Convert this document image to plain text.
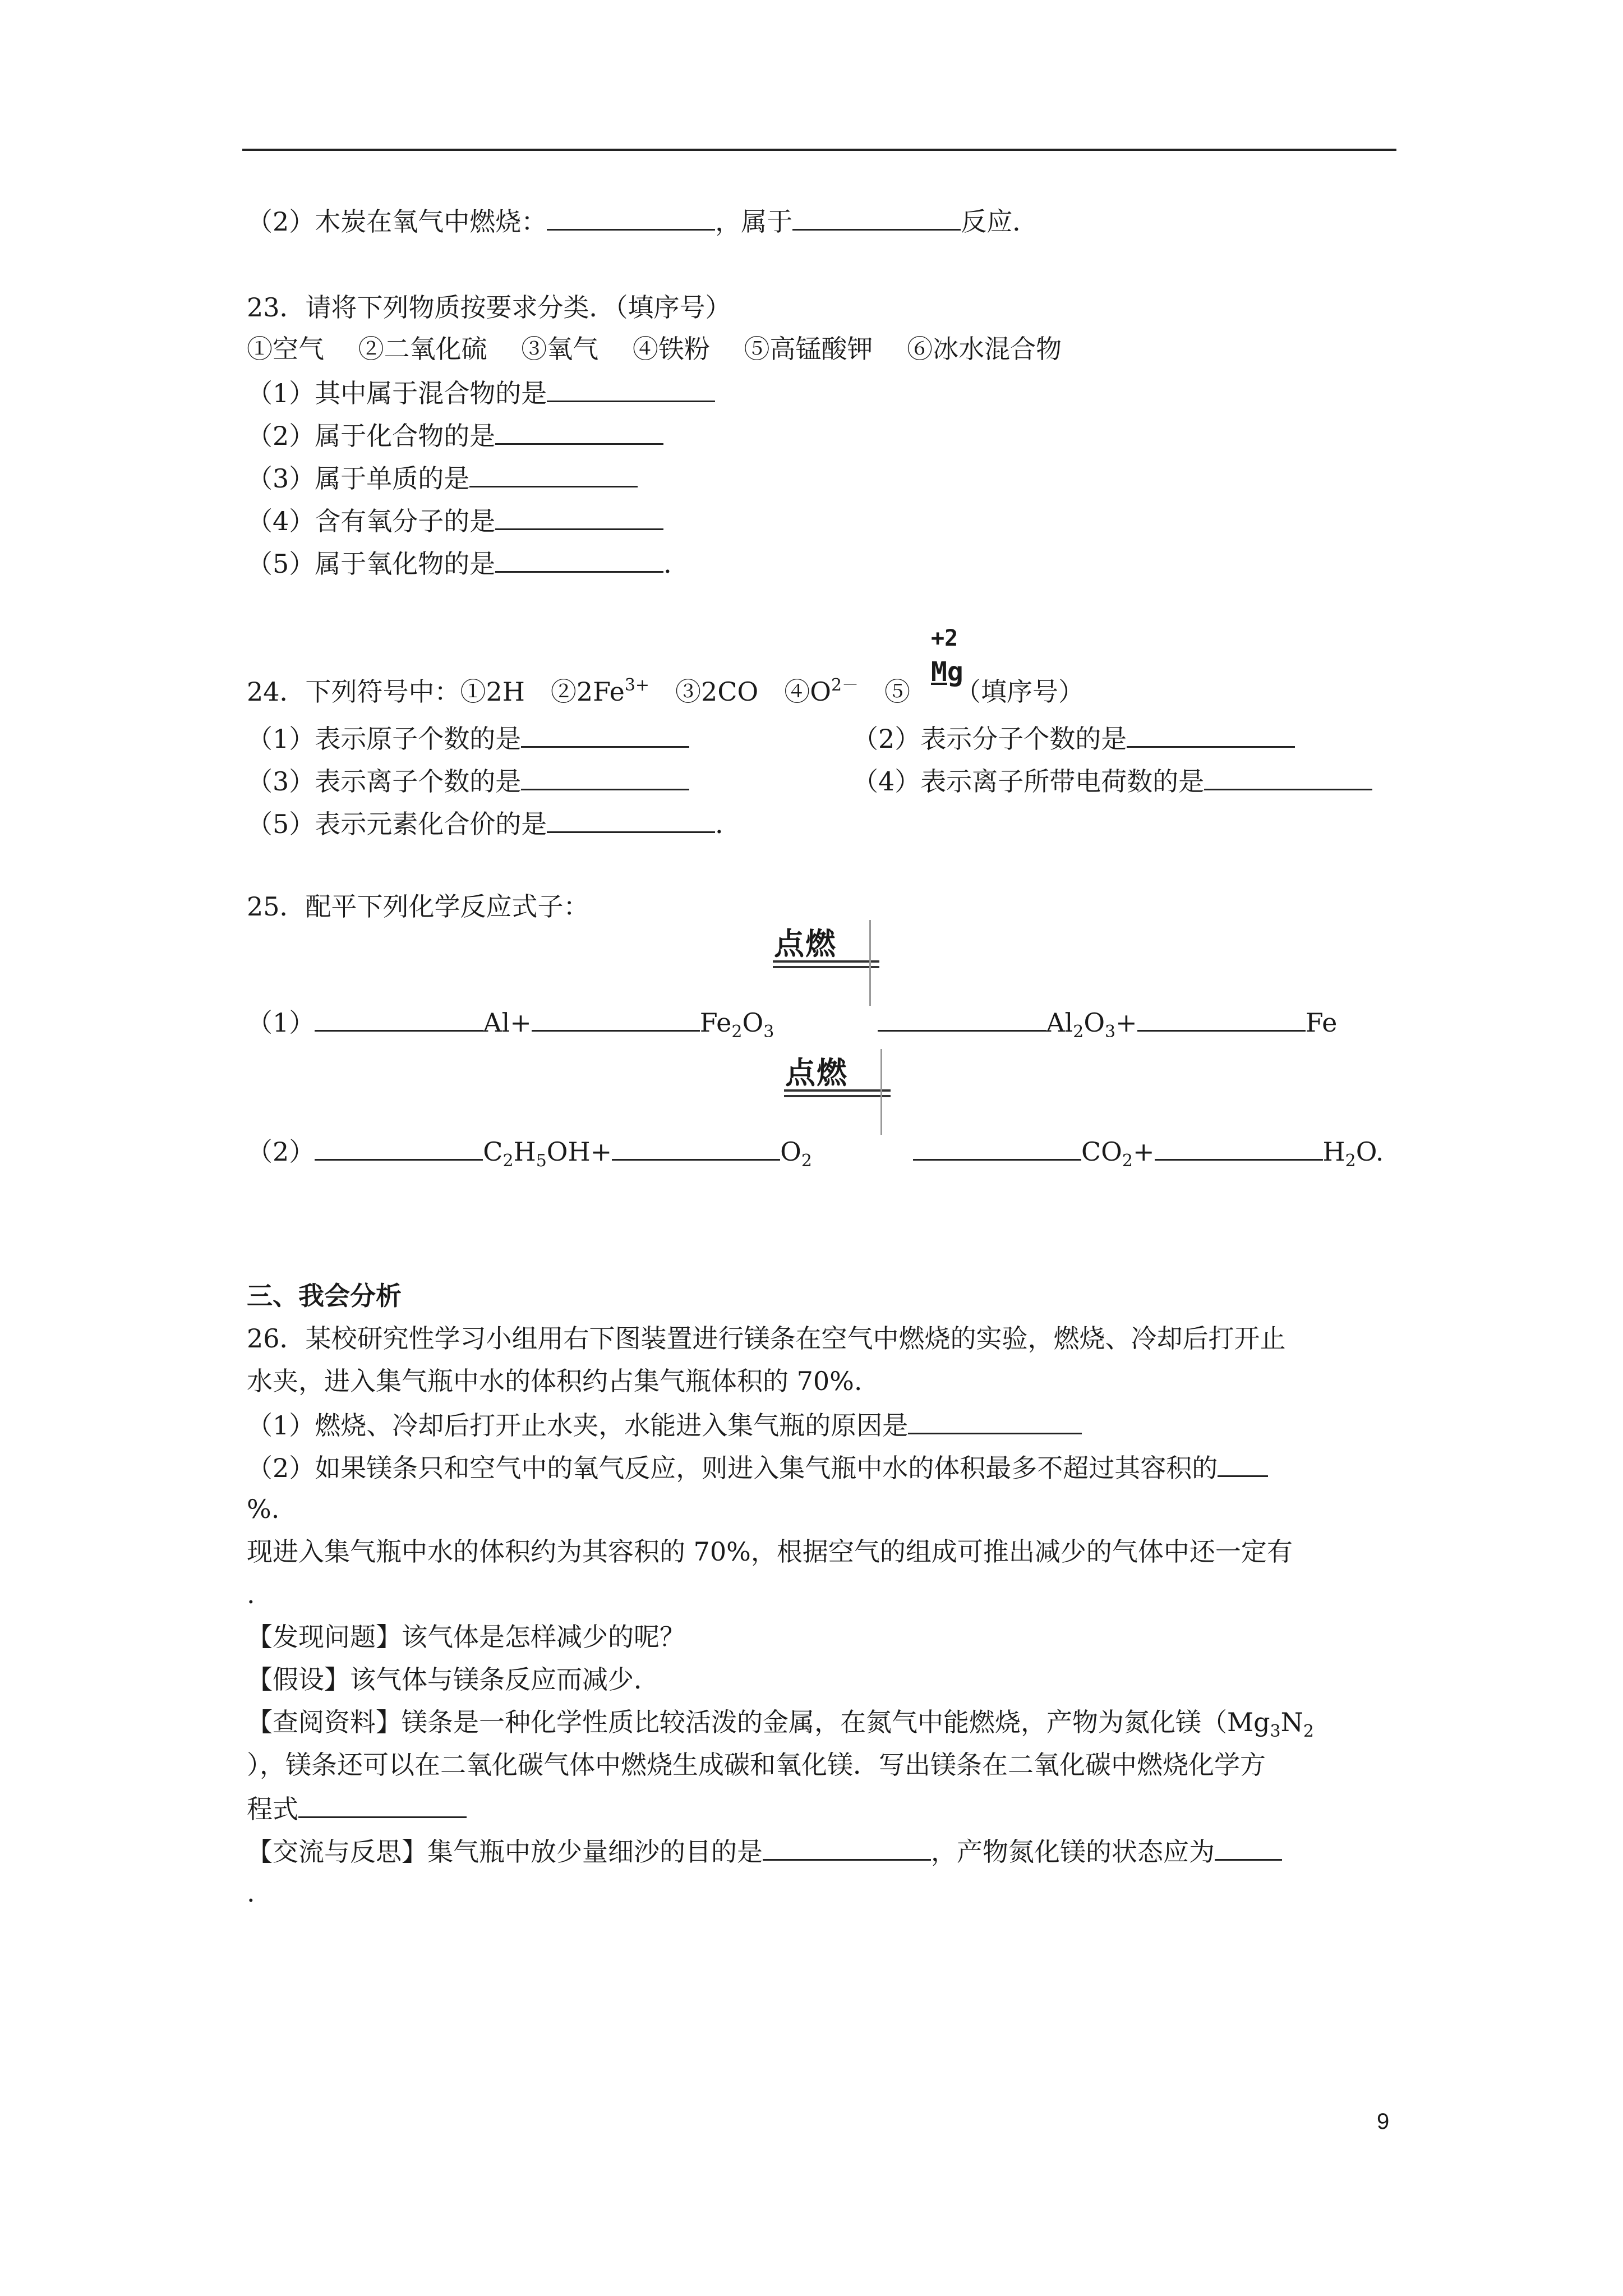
（2）木炭在氧气中燃烧：	，属于	反应．
23．请将下列物质按要求分类．（填序号）
①空气　 ②二氧化硫　 ③氧气　 ④铁粉　 ⑤高锰酸钾　 ⑥冰水混合物
（1）其中属于混合物的是
（2）属于化合物的是
（3）属于单质的是
（4）含有氧分子的是
（5）属于氧化物的是	．
24．下列符号中：①2H　$②2Fe^{3+}$　③2CO　$④O^{2-}$　⑤ （填序号）
+2
Mg
（1）表示原子个数的是	（2）表示分子个数的是
（3）表示离子个数的是	（4）表示离子所带电荷数的是
（5）表示元素化合价的是	．
25．配平下列化学反应式子：
点燃
（1）	Al+	$Fe_2O_3$	$Al_2O_3+$	Fe
点燃
（2）	$C_2H_5OH+$	$O_2$	$CO_2+$	$H_2O$.
三、我会分析
26．某校研究性学习小组用右下图装置进行镁条在空气中燃烧的实验，燃烧、冷却后打开止
水夹，进入集气瓶中水的体积约占集气瓶体积的 70%.
（1）燃烧、冷却后打开止水夹，水能进入集气瓶的原因是
（2）如果镁条只和空气中的氧气反应，则进入集气瓶中水的体积最多不超过其容积的
%.
现进入集气瓶中水的体积约为其容积的 70%，根据空气的组成可推出减少的气体中还一定有
.
【发现问题】该气体是怎样减少的呢？
【假设】该气体与镁条反应而减少．
【查阅资料】镁条是一种化学性质比较活泼的金属，在氮气中能燃烧，产物为氮化镁（$Mg_3N_2$
），镁条还可以在二氧化碳气体中燃烧生成碳和氧化镁．写出镁条在二氧化碳中燃烧化学方
程式
【交流与反思】集气瓶中放少量细沙的目的是	，产物氮化镁的状态应为
.
9
